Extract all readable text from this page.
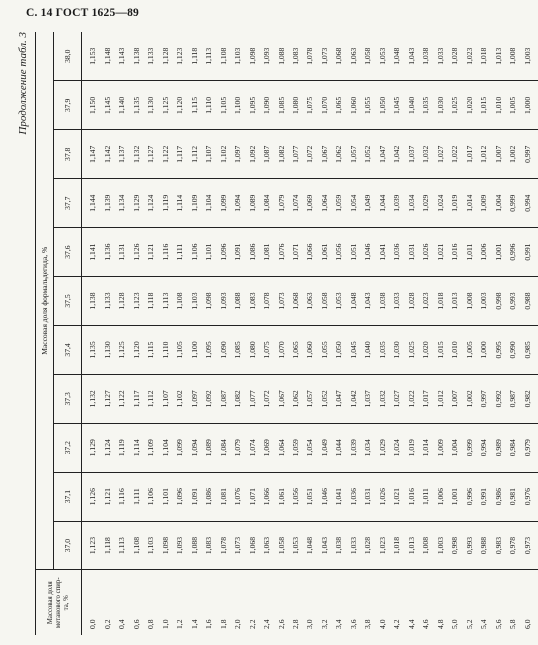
С. 14 ГОСТ 1625—89
Продолжение табл. 3
Массовая доля
метанового спир-
та, %	Массовая доля формальдегида, %										
	37,0	37,1	37,2	37,3	37,4	37,5	37,6	37,7	37,8	37,9	38,0
0,0	1,123	1,126	1,129	1,132	1,135	1,138	1,141	1,144	1,147	1,150	1,153
0,2	1,118	1,121	1,124	1,127	1,130	1,133	1,136	1,139	1,142	1,145	1,148
0,4	1,113	1,116	1,119	1,122	1,125	1,128	1,131	1,134	1,137	1,140	1,143
0,6	1,108	1,111	1,114	1,117	1,120	1,123	1,126	1,129	1,132	1,135	1,138
0,8	1,103	1,106	1,109	1,112	1,115	1,118	1,121	1,124	1,127	1,130	1,133
1,0	1,098	1,101	1,104	1,107	1,110	1,113	1,116	1,119	1,122	1,125	1,128
1,2	1,093	1,096	1,099	1,102	1,105	1,108	1,111	1,114	1,117	1,120	1,123
1,4	1,088	1,091	1,094	1,097	1,100	1,103	1,106	1,109	1,112	1,115	1,118
1,6	1,083	1,086	1,089	1,092	1,095	1,098	1,101	1,104	1,107	1,110	1,113
1,8	1,078	1,081	1,084	1,087	1,090	1,093	1,096	1,099	1,102	1,105	1,108
2,0	1,073	1,076	1,079	1,082	1,085	1,088	1,091	1,094	1,097	1,100	1,103
2,2	1,068	1,071	1,074	1,077	1,080	1,083	1,086	1,089	1,092	1,095	1,098
2,4	1,063	1,066	1,069	1,072	1,075	1,078	1,081	1,084	1,087	1,090	1,093
2,6	1,058	1,061	1,064	1,067	1,070	1,073	1,076	1,079	1,082	1,085	1,088
2,8	1,053	1,056	1,059	1,062	1,065	1,068	1,071	1,074	1,077	1,080	1,083
3,0	1,048	1,051	1,054	1,057	1,060	1,063	1,066	1,069	1,072	1,075	1,078
3,2	1,043	1,046	1,049	1,052	1,055	1,058	1,061	1,064	1,067	1,070	1,073
3,4	1,038	1,041	1,044	1,047	1,050	1,053	1,056	1,059	1,062	1,065	1,068
3,6	1,033	1,036	1,039	1,042	1,045	1,048	1,051	1,054	1,057	1,060	1,063
3,8	1,028	1,031	1,034	1,037	1,040	1,043	1,046	1,049	1,052	1,055	1,058
4,0	1,023	1,026	1,029	1,032	1,035	1,038	1,041	1,044	1,047	1,050	1,053
4,2	1,018	1,021	1,024	1,027	1,030	1,033	1,036	1,039	1,042	1,045	1,048
4,4	1,013	1,016	1,019	1,022	1,025	1,028	1,031	1,034	1,037	1,040	1,043
4,6	1,008	1,011	1,014	1,017	1,020	1,023	1,026	1,029	1,032	1,035	1,038
4,8	1,003	1,006	1,009	1,012	1,015	1,018	1,021	1,024	1,027	1,030	1,033
5,0	0,998	1,001	1,004	1,007	1,010	1,013	1,016	1,019	1,022	1,025	1,028
5,2	0,993	0,996	0,999	1,002	1,005	1,008	1,011	1,014	1,017	1,020	1,023
5,4	0,988	0,991	0,994	0,997	1,000	1,003	1,006	1,009	1,012	1,015	1,018
5,6	0,983	0,986	0,989	0,992	0,995	0,998	1,001	1,004	1,007	1,010	1,013
5,8	0,978	0,981	0,984	0,987	0,990	0,993	0,996	0,999	1,002	1,005	1,008
6,0	0,973	0,976	0,979	0,982	0,985	0,988	0,991	0,994	0,997	1,000	1,003
